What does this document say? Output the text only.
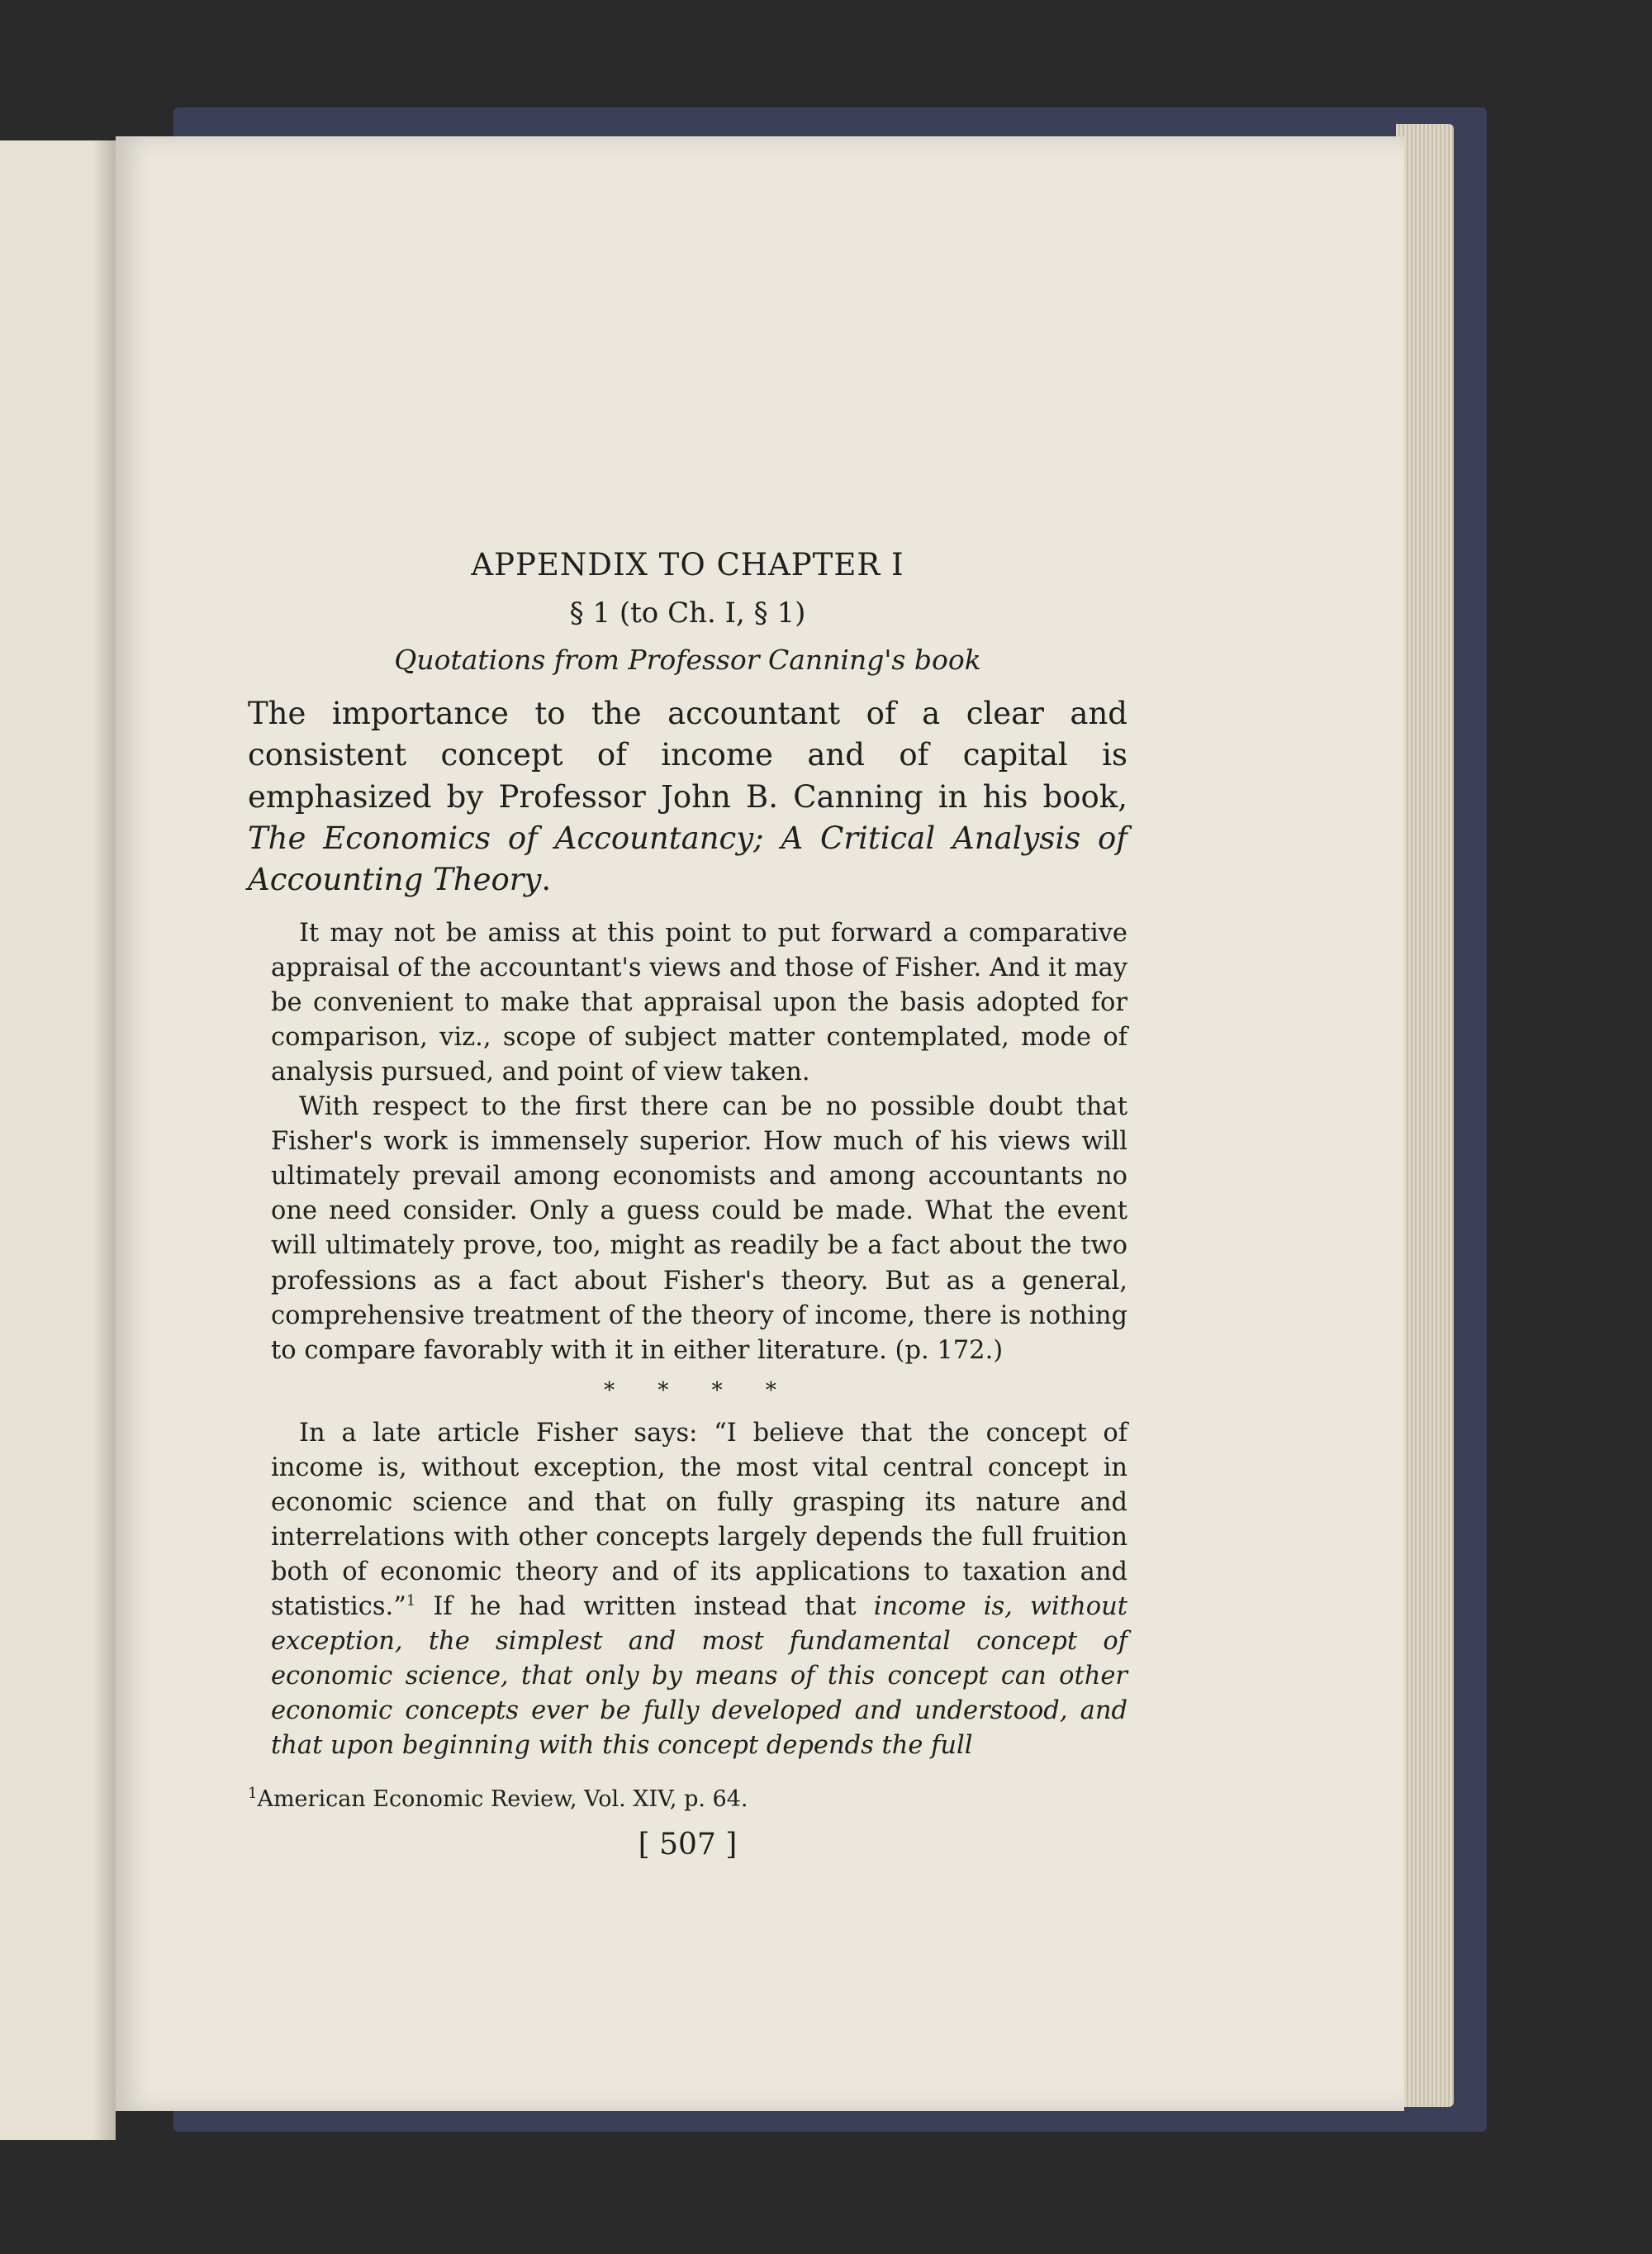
APPENDIX TO CHAPTER I
§ 1 (to Ch. I, § 1)
Quotations from Professor Canning's book

The importance to the accountant of a clear and consistent concept of income and of capital is emphasized by Professor John B. Canning in his book, The Economics of Accountancy; A Critical Analysis of Accounting Theory.

It may not be amiss at this point to put forward a comparative appraisal of the accountant's views and those of Fisher. And it may be convenient to make that appraisal upon the basis adopted for comparison, viz., scope of subject matter contemplated, mode of analysis pursued, and point of view taken.

With respect to the first there can be no possible doubt that Fisher's work is immensely superior. How much of his views will ultimately prevail among economists and among accountants no one need consider. Only a guess could be made. What the event will ultimately prove, too, might as readily be a fact about the two professions as a fact about Fisher's theory. But as a general, comprehensive treatment of the theory of income, there is nothing to compare favorably with it in either literature. (p. 172.)

* * * *

In a late article Fisher says: “I believe that the concept of income is, without exception, the most vital central concept in economic science and that on fully grasping its nature and interrelations with other concepts largely depends the full fruition both of economic theory and of its applications to taxation and statistics.”$^1$ If he had written instead that income is, without exception, the simplest and most fundamental concept of economic science, that only by means of this concept can other economic concepts ever be fully developed and understood, and that upon beginning with this concept depends the full

$^1$American Economic Review, Vol. XIV, p. 64.
[ 507 ]
